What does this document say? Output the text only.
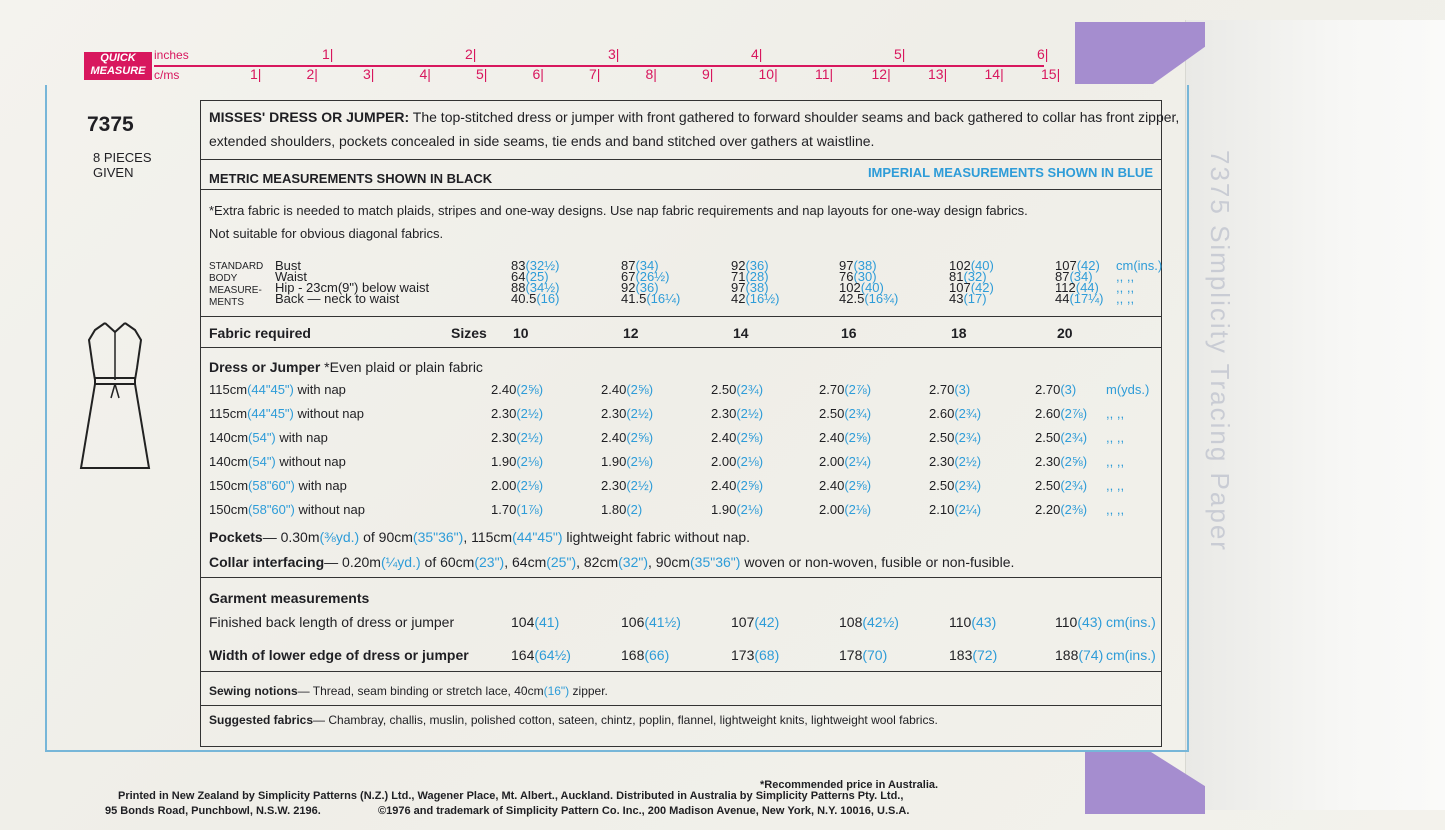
7375 Simplicity Tracing Paper
QUICK MEASURE
inches
c/ms
1|	2|	3|	4|	5|	6|
1|	2|	3|	4|	5|	6|	7|	8|	9|	10|	11|	12|	13|	14|	15|
7375
8 PIECES GIVEN
MISSES' DRESS OR JUMPER: The top-stitched dress or jumper with front gathered to forward shoulder seams and back gathered to collar has front zipper,
extended shoulders, pockets concealed in side seams, tie ends and band stitched over gathers at waistline.
METRIC MEASUREMENTS SHOWN IN BLACK	IMPERIAL MEASUREMENTS SHOWN IN BLUE
*Extra fabric is needed to match plaids, stripes and one-way designs. Use nap fabric requirements and nap layouts for one-way design fabrics.
Not suitable for obvious diagonal fabrics.
STANDARD BODY MEASURE- MENTS
Bust	83(32½)	87(34)	92(36)	97(38)	102(40)	107(42) cm(ins.)
Waist	64(25)	67(26½)	71(28)	76(30)	81(32)	87(34) ,, ,,
Hip - 23cm(9") below waist	88(34½)	92(36)	97(38)	102(40)	107(42)	112(44) ,, ,,
Back — neck to waist	40.5(16)	41.5(16¼)	42(16½)	42.5(16¾)	43(17)	44(17¼) ,, ,,
Fabric required	Sizes 10	12	14	16	18	20
Dress or Jumper *Even plaid or plain fabric
115cm(44"45") with nap	2.40(2⅝)	2.40(2⅝)	2.50(2¾)	2.70(2⅞)	2.70(3)	2.70(3) m(yds.)
115cm(44"45") without nap	2.30(2½)	2.30(2½)	2.30(2½)	2.50(2¾)	2.60(2¾)	2.60(2⅞) ,, ,,
140cm(54") with nap	2.30(2½)	2.40(2⅝)	2.40(2⅝)	2.40(2⅝)	2.50(2¾)	2.50(2¾) ,, ,,
140cm(54") without nap	1.90(2⅛)	1.90(2⅛)	2.00(2⅛)	2.00(2¼)	2.30(2½)	2.30(2⅝) ,, ,,
150cm(58"60") with nap	2.00(2⅛)	2.30(2½)	2.40(2⅝)	2.40(2⅝)	2.50(2¾)	2.50(2¾) ,, ,,
150cm(58"60") without nap	1.70(1⅞)	1.80(2)	1.90(2⅛)	2.00(2⅛)	2.10(2¼)	2.20(2⅜) ,, ,,
Pockets— 0.30m(⅜yd.) of 90cm(35"36"), 115cm(44"45") lightweight fabric without nap.
Collar interfacing— 0.20m(¼yd.) of 60cm(23"), 64cm(25"), 82cm(32"), 90cm(35"36") woven or non-woven, fusible or non-fusible.
Garment measurements
Finished back length of dress or jumper	104(41)	106(41½)	107(42)	108(42½)	110(43)	110(43) cm(ins.)
Width of lower edge of dress or jumper	164(64½)	168(66)	173(68)	178(70)	183(72)	188(74) cm(ins.)
Sewing notions— Thread, seam binding or stretch lace, 40cm(16") zipper.
Suggested fabrics— Chambray, challis, muslin, polished cotton, sateen, chintz, poplin, flannel, lightweight knits, lightweight wool fabrics.
*Recommended price in Australia.
Printed in New Zealand by Simplicity Patterns (N.Z.) Ltd., Wagener Place, Mt. Albert., Auckland. Distributed in Australia by Simplicity Patterns Pty. Ltd.,
95 Bonds Road, Punchbowl, N.S.W. 2196.	©1976 and trademark of Simplicity Pattern Co. Inc., 200 Madison Avenue, New York, N.Y. 10016, U.S.A.
